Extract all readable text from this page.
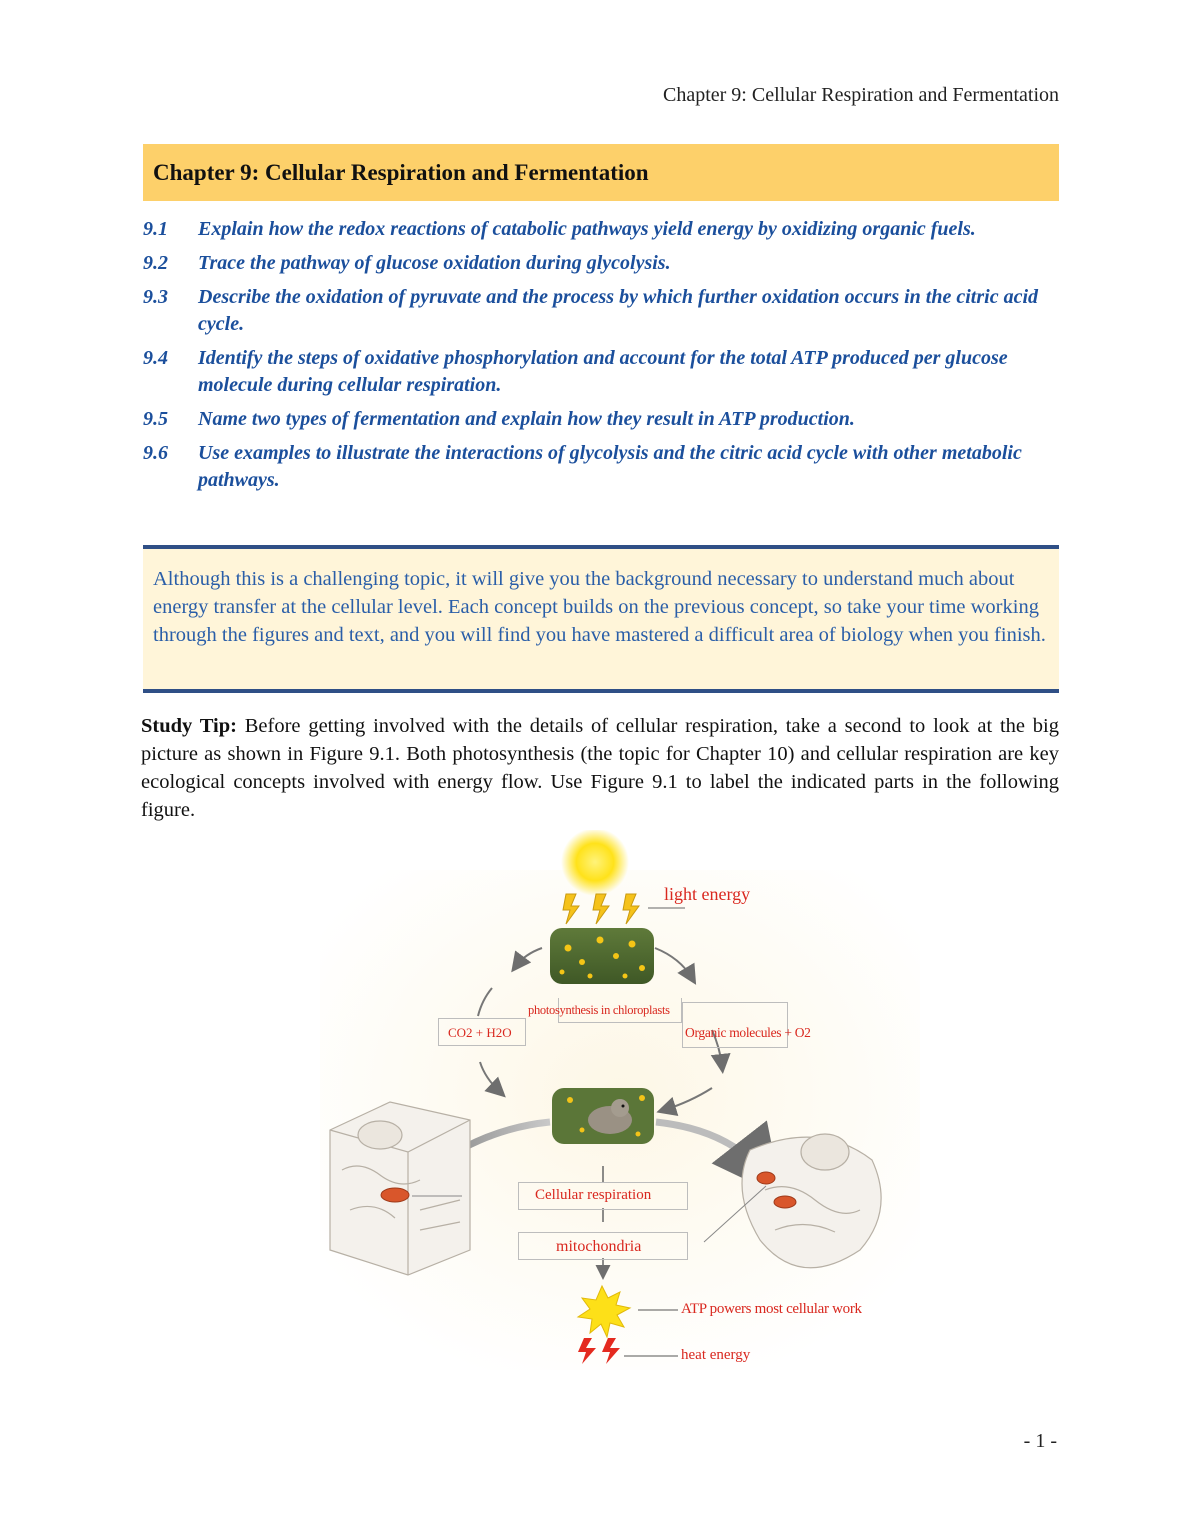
Chapter 9: Cellular Respiration and Fermentation
Chapter 9: Cellular Respiration and Fermentation
9.1	Explain how the redox reactions of catabolic pathways yield energy by oxidizing organic fuels.
9.2	Trace the pathway of glucose oxidation during glycolysis.
9.3	Describe the oxidation of pyruvate and the process by which further oxidation occurs in the citric acid cycle.
9.4	Identify the steps of oxidative phosphorylation and account for the total ATP produced per glucose molecule during cellular respiration.
9.5	Name two types of fermentation and explain how they result in ATP production.
9.6	Use examples to illustrate the interactions of glycolysis and the citric acid cycle with other metabolic pathways.

Although this is a challenging topic, it will give you the background necessary to understand much about energy transfer at the cellular level. Each concept builds on the previous concept, so take your time working through the figures and text, and you will find you have mastered a difficult area of biology when you finish.

Study Tip: Before getting involved with the details of cellular respiration, take a second to look at the big picture as shown in Figure 9.1. Both photosynthesis (the topic for Chapter 10) and cellular respiration are key ecological concepts involved with energy flow. Use Figure 9.1 to label the indicated parts in the following figure.

light energy
photosynthesis in chloroplasts
CO2 + H2O	Organic molecules + O2
Cellular respiration
mitochondria
ATP powers most cellular work
heat energy
- 1 -
